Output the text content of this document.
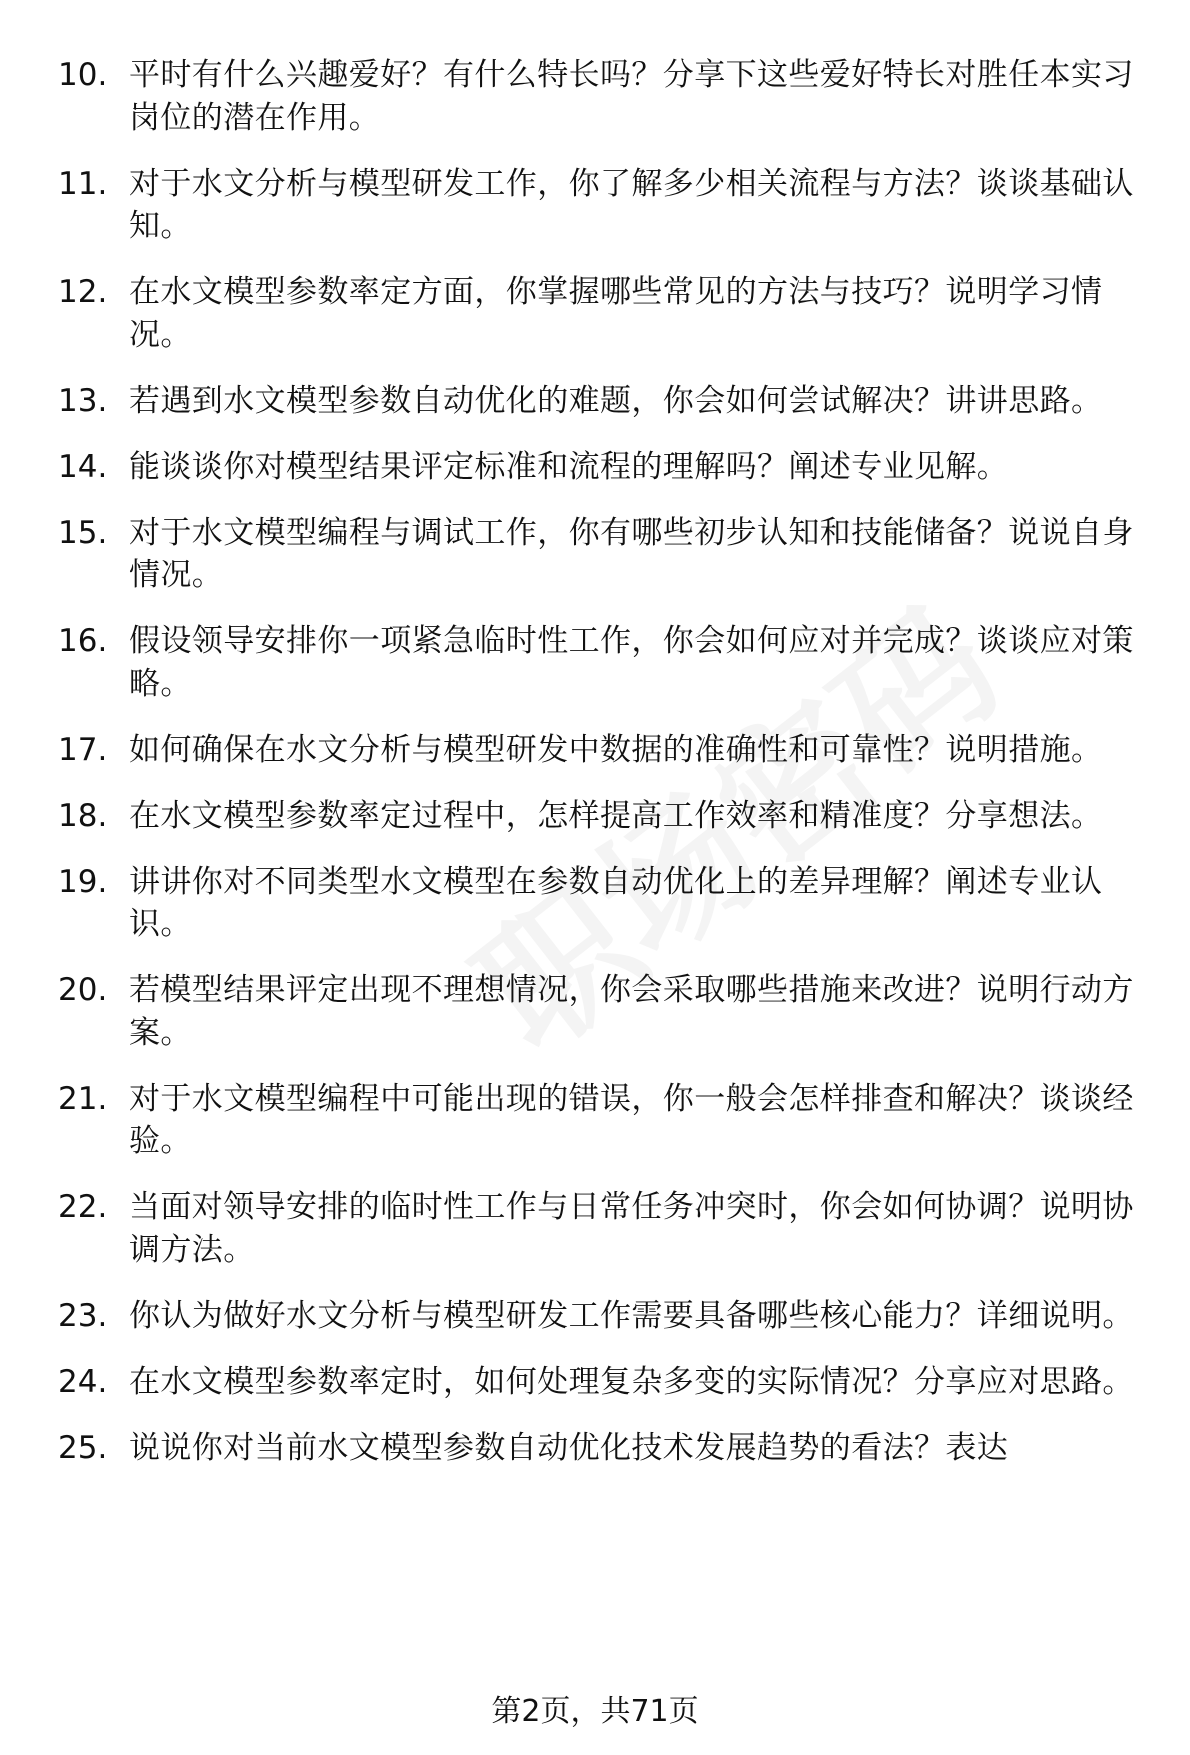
10. 平时有什么兴趣爱好？有什么特长吗？分享下这些爱好特长对胜任本实习岗位的潜在作用。
11. 对于水文分析与模型研发工作，你了解多少相关流程与方法？谈谈基础认知。
12. 在水文模型参数率定方面，你掌握哪些常见的方法与技巧？说明学习情况。
13. 若遇到水文模型参数自动优化的难题，你会如何尝试解决？讲讲思路。
14. 能谈谈你对模型结果评定标准和流程的理解吗？阐述专业见解。
15. 对于水文模型编程与调试工作，你有哪些初步认知和技能储备？说说自身情况。
16. 假设领导安排你一项紧急临时性工作，你会如何应对并完成？谈谈应对策略。
17. 如何确保在水文分析与模型研发中数据的准确性和可靠性？说明措施。
18. 在水文模型参数率定过程中，怎样提高工作效率和精准度？分享想法。
19. 讲讲你对不同类型水文模型在参数自动优化上的差异理解？阐述专业认识。
20. 若模型结果评定出现不理想情况，你会采取哪些措施来改进？说明行动方案。
21. 对于水文模型编程中可能出现的错误，你一般会怎样排查和解决？谈谈经验。
22. 当面对领导安排的临时性工作与日常任务冲突时，你会如何协调？说明协调方法。
23. 你认为做好水文分析与模型研发工作需要具备哪些核心能力？详细说明。
24. 在水文模型参数率定时，如何处理复杂多变的实际情况？分享应对思路。
25. 说说你对当前水文模型参数自动优化技术发展趋势的看法？表达
第2页，共71页
